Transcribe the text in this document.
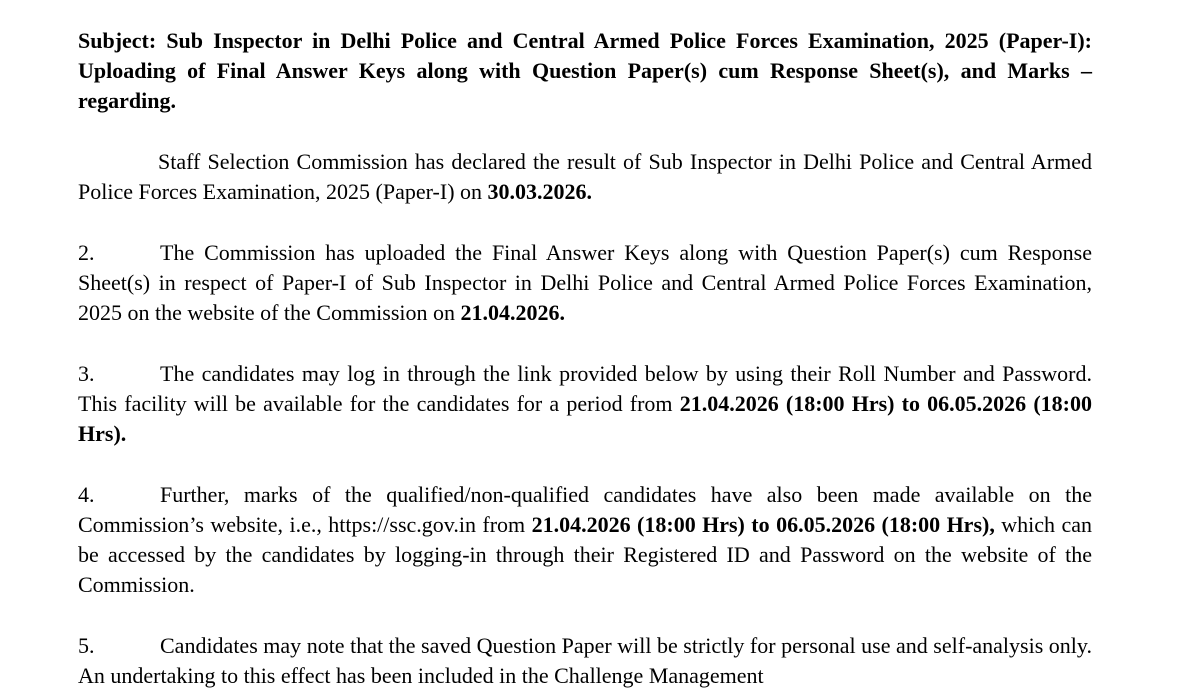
Subject: Sub Inspector in Delhi Police and Central Armed Police Forces Examination, 2025 (Paper-I): Uploading of Final Answer Keys along with Question Paper(s) cum Response Sheet(s), and Marks – regarding.

Staff Selection Commission has declared the result of Sub Inspector in Delhi Police and Central Armed Police Forces Examination, 2025 (Paper-I) on 30.03.2026.

2.	The Commission has uploaded the Final Answer Keys along with Question Paper(s) cum Response Sheet(s) in respect of Paper-I of Sub Inspector in Delhi Police and Central Armed Police Forces Examination, 2025 on the website of the Commission on 21.04.2026.

3.	The candidates may log in through the link provided below by using their Roll Number and Password. This facility will be available for the candidates for a period from 21.04.2026 (18:00 Hrs) to 06.05.2026 (18:00 Hrs).

4.	Further, marks of the qualified/non-qualified candidates have also been made available on the Commission’s website, i.e., https://ssc.gov.in from 21.04.2026 (18:00 Hrs) to 06.05.2026 (18:00 Hrs), which can be accessed by the candidates by logging-in through their Registered ID and Password on the website of the Commission.

5.	Candidates may note that the saved Question Paper will be strictly for personal use and self-analysis only. An undertaking to this effect has been included in the Challenge Management
